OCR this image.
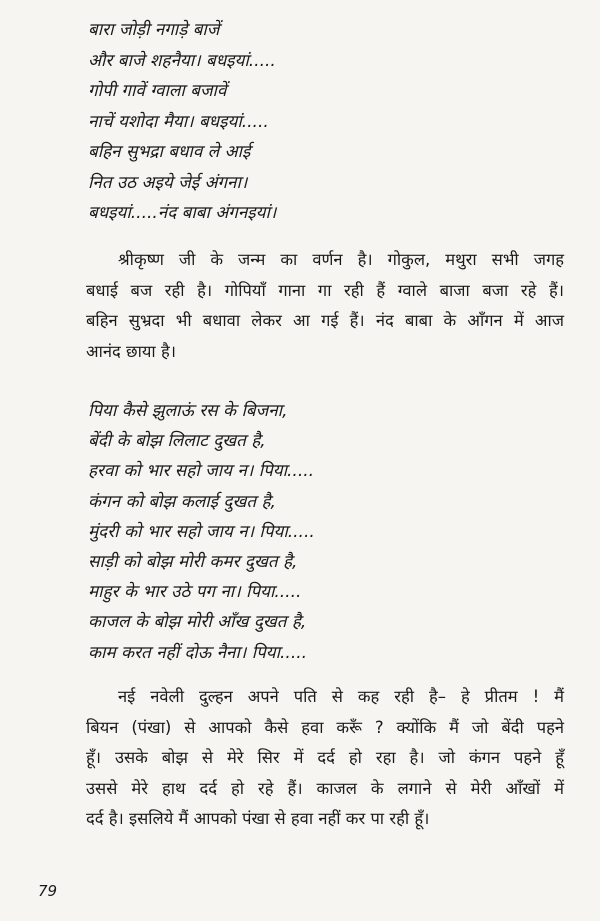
बारा जोड़ी नगाड़े बाजें
और बाजे शहनैया। बधइयां.....
गोपी गावें ग्वाला बजावें
नाचें यशोदा मैया। बधइयां.....
बहिन सुभद्रा बधाव ले आई
नित उठ अइये जेई अंगना।
बधइयां.....नंद बाबा अंगनइयां।
श्रीकृष्ण जी के जन्म का वर्णन है। गोकुल, मथुरा सभी जगह
बधाई बज रही है। गोपियाँ गाना गा रही हैं ग्वाले बाजा बजा रहे हैं।
बहिन सुभ्रदा भी बधावा लेकर आ गई हैं। नंद बाबा के आँगन में आज
आनंद छाया है।
पिया कैसे झुलाऊं रस के बिजना,
बेंदी के बोझ लिलाट दुखत है,
हरवा को भार सहो जाय न। पिया.....
कंगन को बोझ कलाई दुखत है,
मुंदरी को भार सहो जाय न। पिया.....
साड़ी को बोझ मोरी कमर दुखत है,
माहुर के भार उठे पग ना। पिया.....
काजल के बोझ मोरी आँख दुखत है,
काम करत नहीं दोऊ नैना। पिया.....
नई नवेली दुल्हन अपने पति से कह रही है– हे प्रीतम ! मैं
बियन (पंखा) से आपको कैसे हवा करूँ ? क्योंकि मैं जो बेंदी पहने
हूँ। उसके बोझ से मेरे सिर में दर्द हो रहा है। जो कंगन पहने हूँ
उससे मेरे हाथ दर्द हो रहे हैं। काजल के लगाने से मेरी आँखों में
दर्द है। इसलिये मैं आपको पंखा से हवा नहीं कर पा रही हूँ।
79
